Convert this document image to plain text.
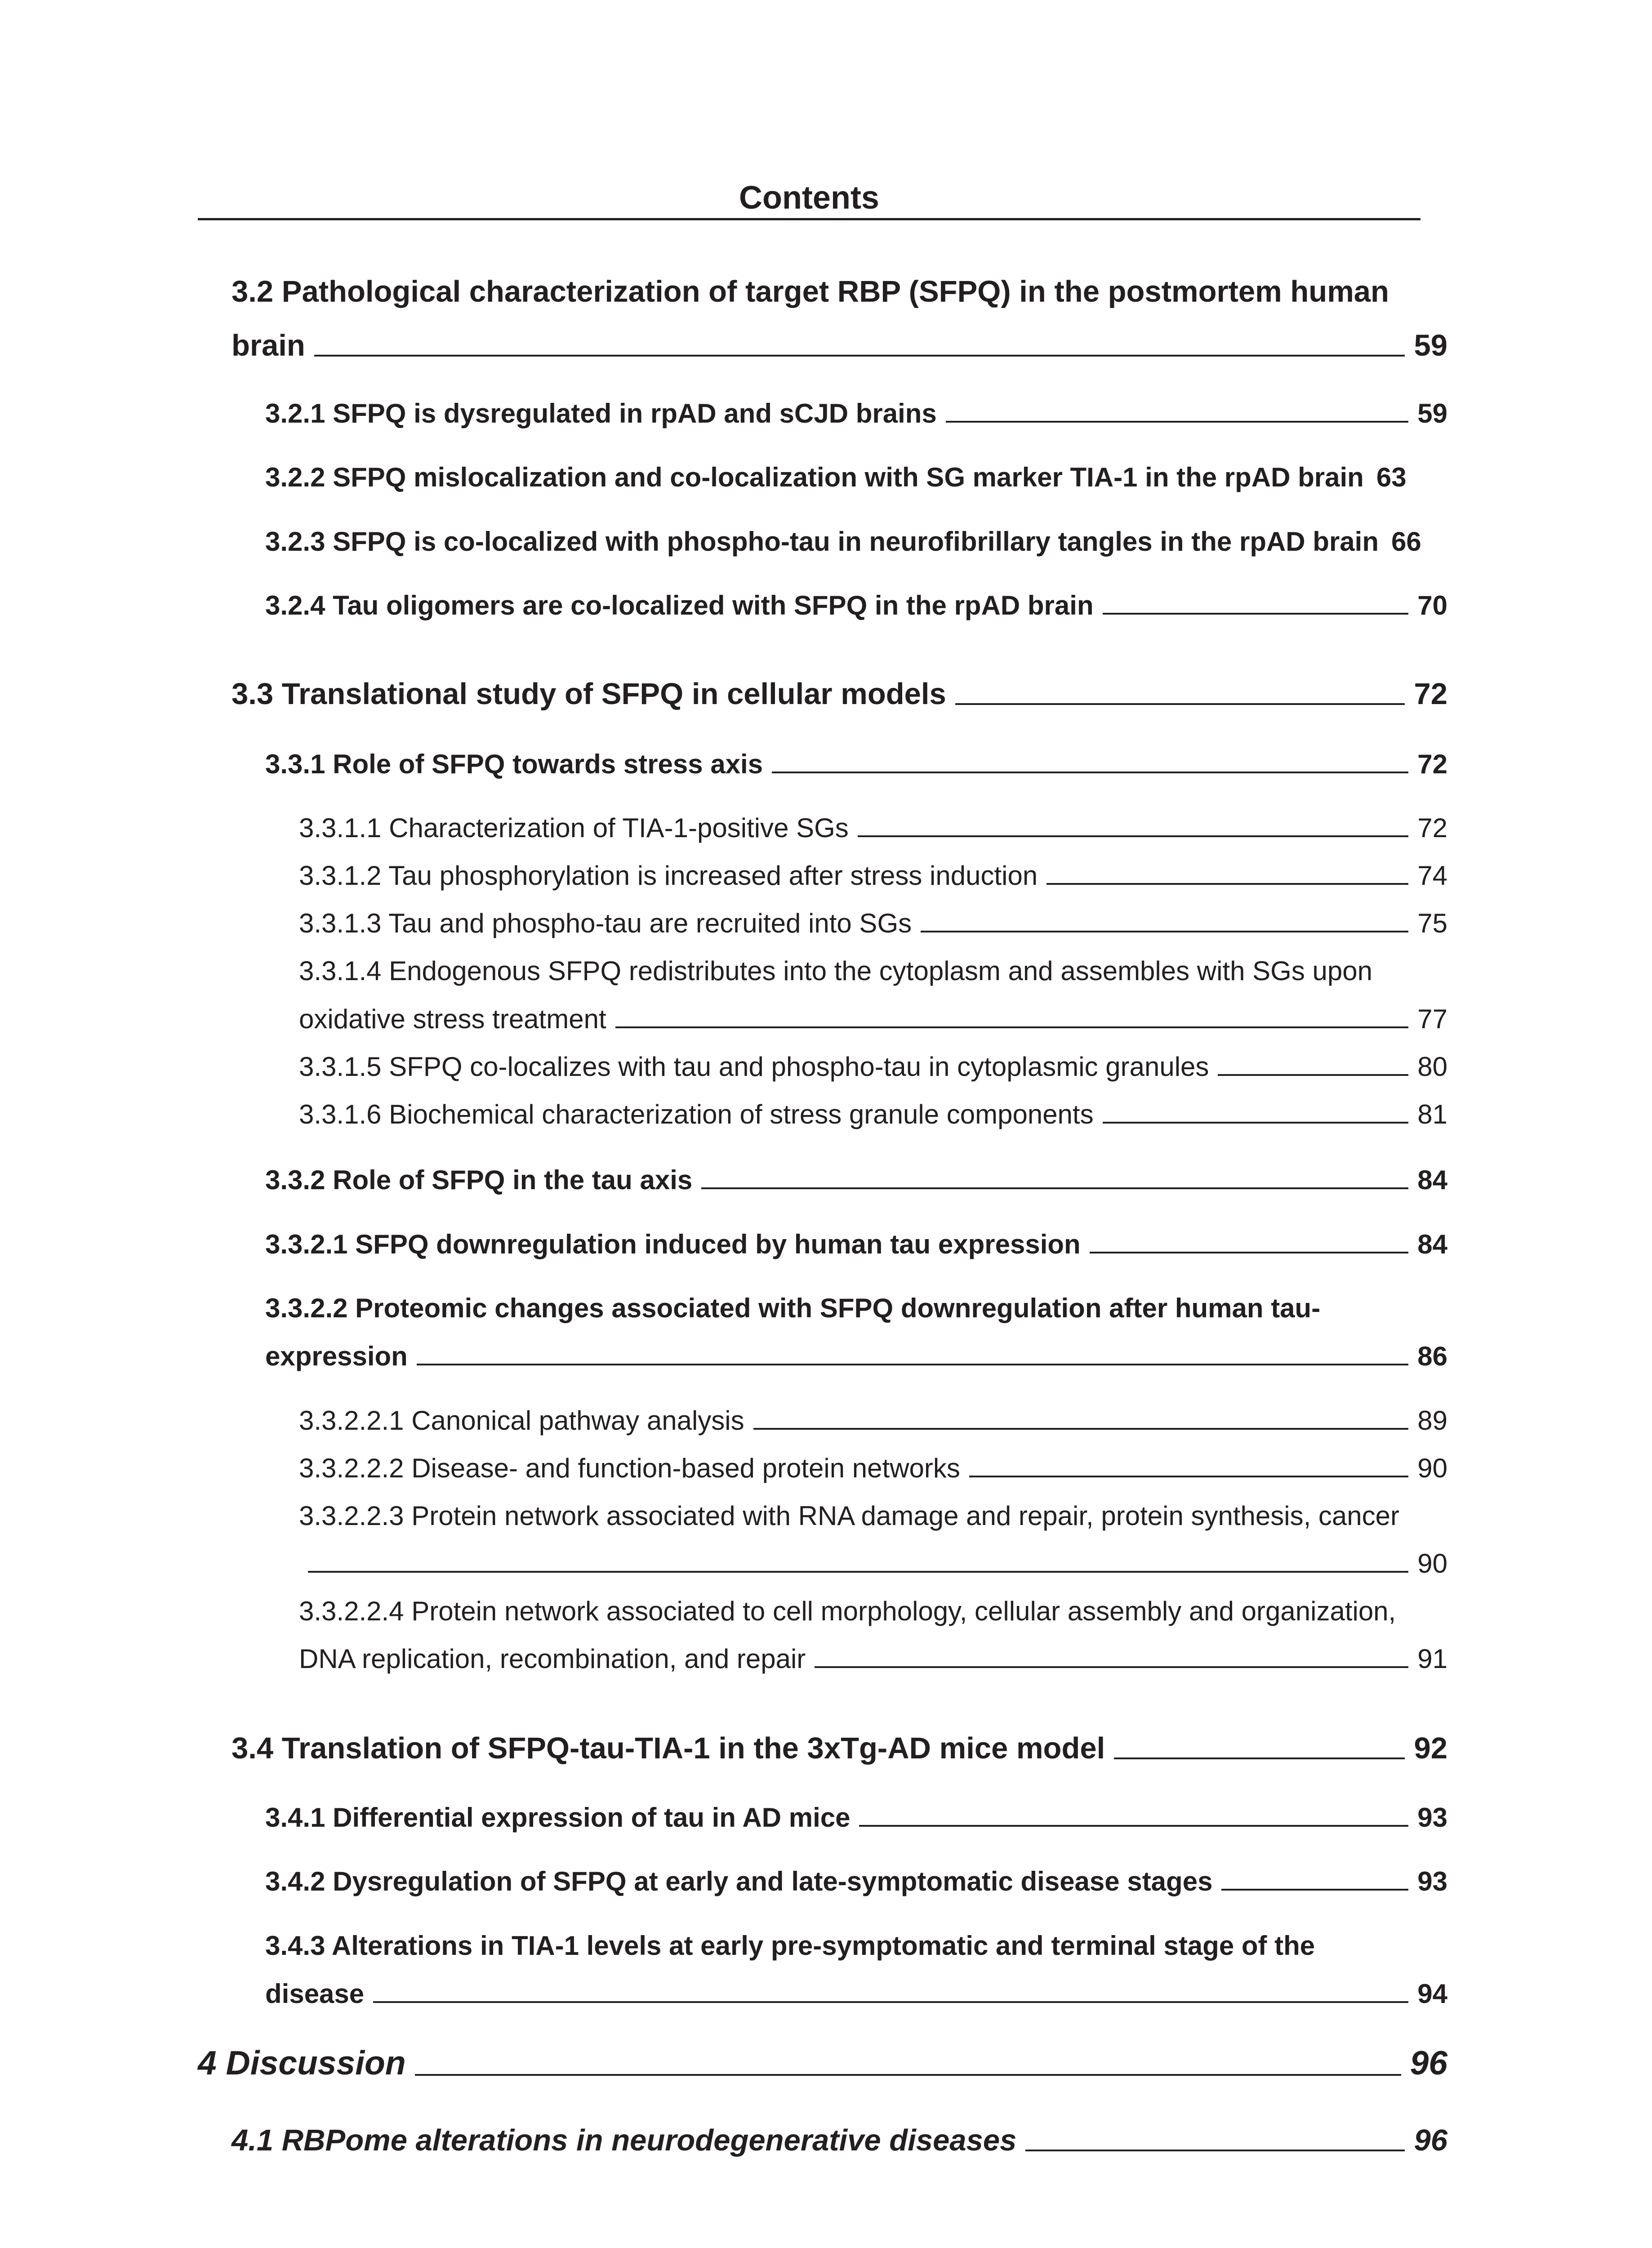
Contents
3.2 Pathological characterization of target RBP (SFPQ) in the postmortem human
brain	59
3.2.1 SFPQ is dysregulated in rpAD and sCJD brains	59
3.2.2 SFPQ mislocalization and co-localization with SG marker TIA-1 in the rpAD brain 63
3.2.3 SFPQ is co-localized with phospho-tau in neurofibrillary tangles in the rpAD brain 66
3.2.4 Tau oligomers are co-localized with SFPQ in the rpAD brain	70
3.3 Translational study of SFPQ in cellular models	72
3.3.1 Role of SFPQ towards stress axis	72
3.3.1.1 Characterization of TIA-1-positive SGs	72
3.3.1.2 Tau phosphorylation is increased after stress induction	74
3.3.1.3 Tau and phospho-tau are recruited into SGs	75
3.3.1.4 Endogenous SFPQ redistributes into the cytoplasm and assembles with SGs upon
oxidative stress treatment	77
3.3.1.5 SFPQ co-localizes with tau and phospho-tau in cytoplasmic granules	80
3.3.1.6 Biochemical characterization of stress granule components	81
3.3.2 Role of SFPQ in the tau axis	84
3.3.2.1 SFPQ downregulation induced by human tau expression	84
3.3.2.2 Proteomic changes associated with SFPQ downregulation after human tau-
expression	86
3.3.2.2.1 Canonical pathway analysis	89
3.3.2.2.2 Disease- and function-based protein networks	90
3.3.2.2.3 Protein network associated with RNA damage and repair, protein synthesis, cancer
90
3.3.2.2.4 Protein network associated to cell morphology, cellular assembly and organization,
DNA replication, recombination, and repair	91
3.4 Translation of SFPQ-tau-TIA-1 in the 3xTg-AD mice model	92
3.4.1 Differential expression of tau in AD mice	93
3.4.2 Dysregulation of SFPQ at early and late-symptomatic disease stages	93
3.4.3 Alterations in TIA-1 levels at early pre-symptomatic and terminal stage of the
disease	94
4 Discussion	96
4.1 RBPome alterations in neurodegenerative diseases	96
